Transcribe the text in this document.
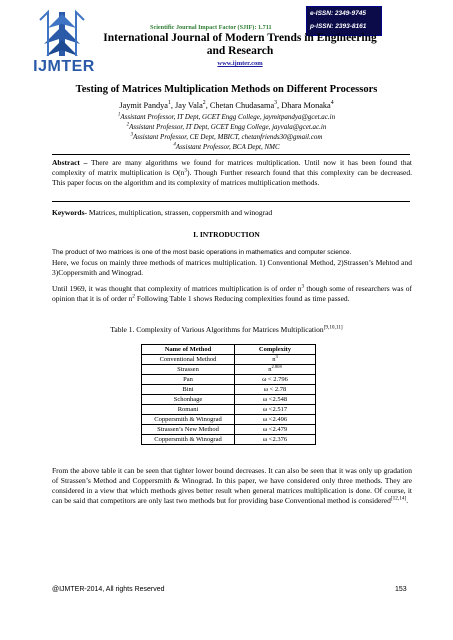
IJMTER
Scientific Journal Impact Factor (SJIF): 1.711
e-ISSN: 2349-9745
p-ISSN: 2393-8161
International Journal of Modern Trends in Engineering
and Research
www.ijmter.com
Testing of Matrices Multiplication Methods on Different Processors
Jaymit Pandya$^1$, Jay Vala$^2$, Chetan Chudasama$^3$, Dhara Monaka$^4$
$^1$Assistant Professor, IT Dept, GCET Engg College, jaymitpandya@gcet.ac.in
$^2$Assistant Professor, IT Dept, GCET Engg College, jayvala@gcet.ac.in
$^3$Assistant Professor, CE Dept, MBICT, chetanfriends30@gmail.com
$^4$Assistant Professor, BCA Dept, NMC
Abstract – There are many algorithms we found for matrices multiplication. Until now it has been found that complexity of matrix multiplication is $O(n^3)$. Though Further research found that this complexity can be decreased. This paper focus on the algorithm and its complexity of matrices multiplication methods.
Keywords- Matrices, multiplication, strassen, coppersmith and winograd
I. INTRODUCTION
The product of two matrices is one of the most basic operations in mathematics and computer science.
Here, we focus on mainly three methods of matrices multiplication. 1) Conventional Method, 2)Strassen’s Mehtod and 3)Coppersmith and Winograd.
Until 1969, it was thought that complexity of matrices multiplication is of order $n^3$ though some of researchers was of opinion that it is of order $n^2$ Following Table 1 shows Reducing complexities found as time passed.
Table 1. Complexity of Various Algorithms for Matrices Multiplication[9,10,11]
Name of Method	Complexity
Conventional Method	$n^3$
Strassen	$n^{2.808}$
Pan	ω < 2.796
Bini	ω < 2.78
Schonhage	ω <2.548
Romani	ω <2.517
Coppersmith & Winograd	ω <2.496
Strassen’s New Method	ω <2.479
Coppersmith & Winograd	ω <2.376
From the above table it can be seen that tighter lower bound decreases. It can also be seen that it was only up gradation of Strassen’s Method and Coppersmith & Winograd. In this paper, we have considered only three methods. They are considered in a view that which methods gives better result when general matrices multiplication is done. Of course, it can be said that competitors are only last two methods but for providing base Conventional method is considered[12,14].
@IJMTER-2014, All rights Reserved	153
